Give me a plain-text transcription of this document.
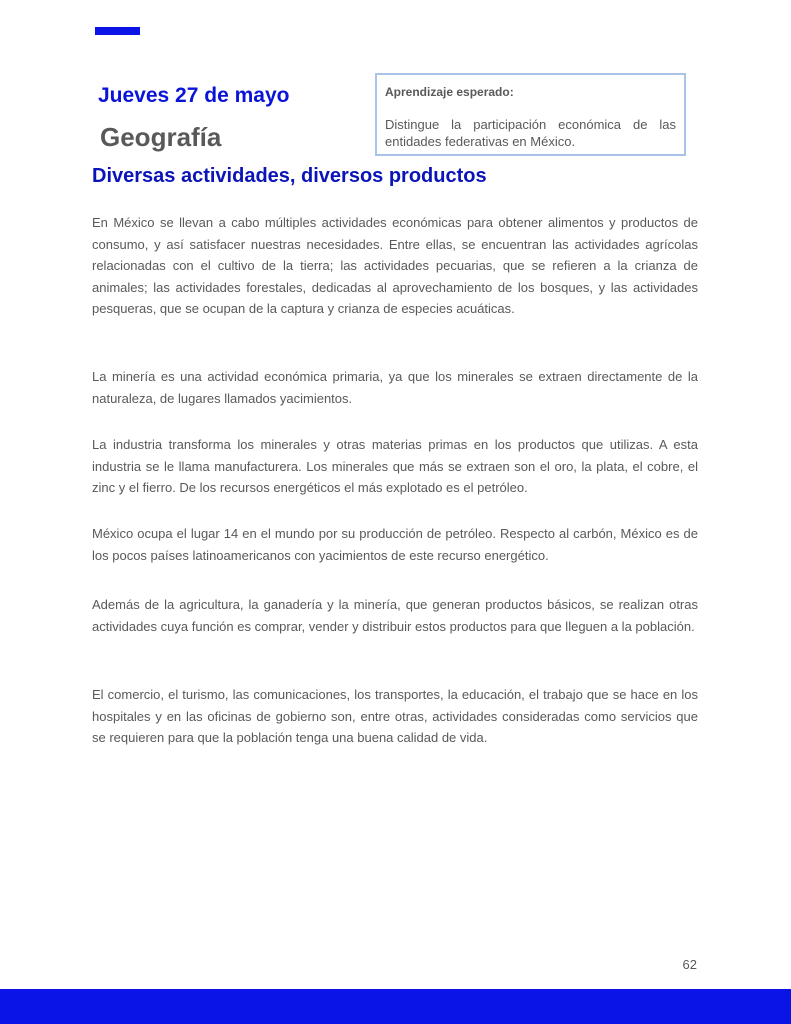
Jueves 27 de mayo
Geografía

Aprendizaje esperado:

Distingue la participación económica de las entidades federativas en México.

Diversas actividades, diversos productos

En México se llevan a cabo múltiples actividades económicas para obtener alimentos y productos de consumo, y así satisfacer nuestras necesidades. Entre ellas, se encuentran las actividades agrícolas relacionadas con el cultivo de la tierra; las actividades pecuarias, que se refieren a la crianza de animales; las actividades forestales, dedicadas al aprovechamiento de los bosques, y las actividades pesqueras, que se ocupan de la captura y crianza de especies acuáticas.

La minería es una actividad económica primaria, ya que los minerales se extraen directamente de la naturaleza, de lugares llamados yacimientos.

La industria transforma los minerales y otras materias primas en los productos que utilizas. A esta industria se le llama manufacturera. Los minerales que más se extraen son el oro, la plata, el cobre, el zinc y el fierro. De los recursos energéticos el más explotado es el petróleo.

México ocupa el lugar 14 en el mundo por su producción de petróleo. Respecto al carbón, México es de los pocos países latinoamericanos con yacimientos de este recurso energético.

Además de la agricultura, la ganadería y la minería, que generan productos básicos, se realizan otras actividades cuya función es comprar, vender y distribuir estos productos para que lleguen a la población.

El comercio, el turismo, las comunicaciones, los transportes, la educación, el trabajo que se hace en los hospitales y en las oficinas de gobierno son, entre otras, actividades consideradas como servicios que se requieren para que la población tenga una buena calidad de vida.

62
